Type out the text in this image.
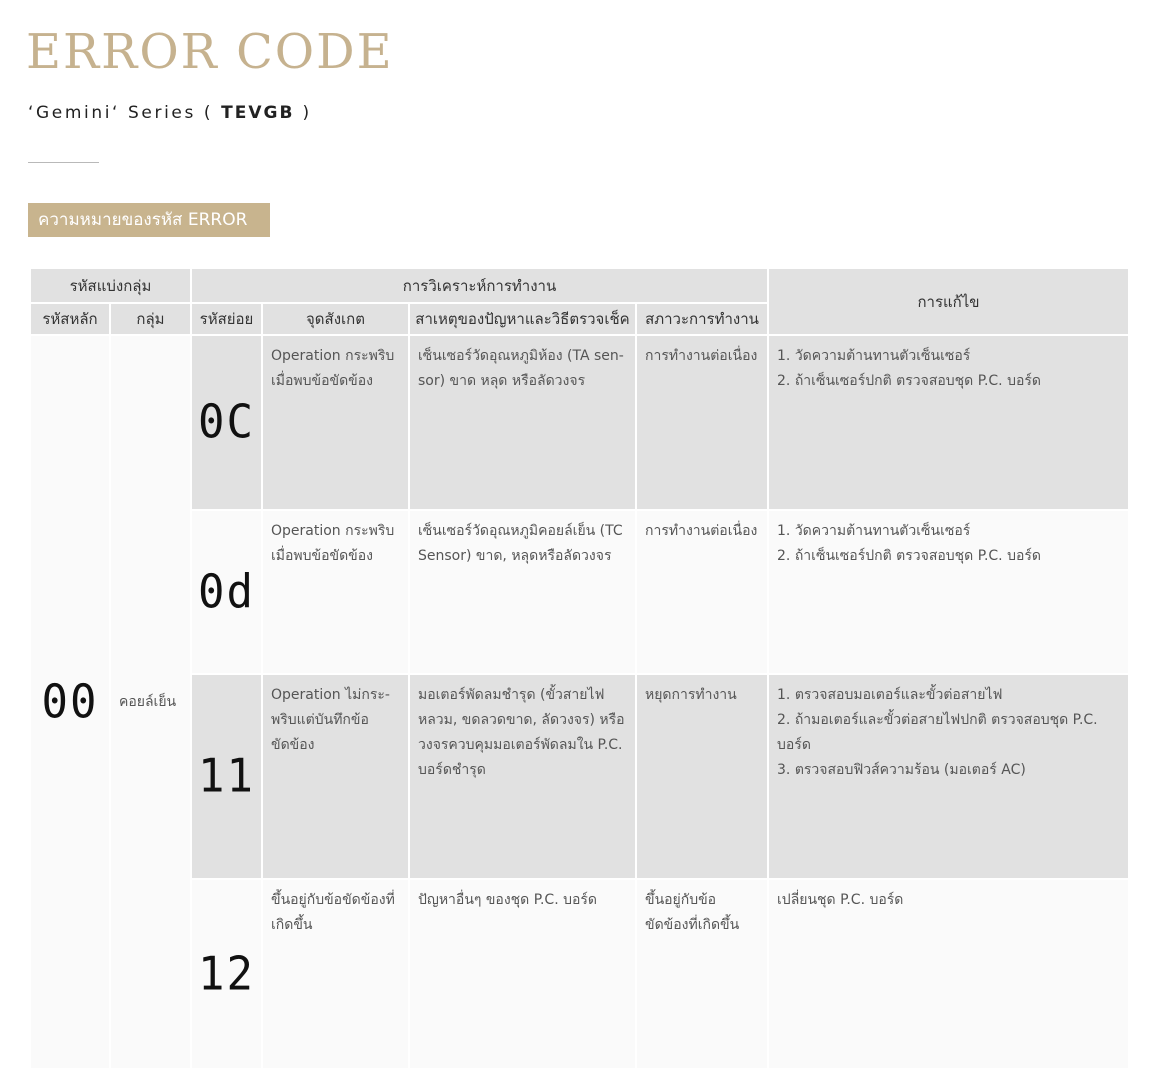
ERROR CODE
‘Gemini‘ Series ( TEVGB )
ความหมายของรหัส ERROR
รหัสแบ่งกลุ่ม		การวิเคราะห์การทำงาน				การแก้ไข
รหัสหลัก	กลุ่ม	รหัสย่อย	จุดสังเกต	สาเหตุของปัญหาและวิธีตรวจเช็ค	สภาวะการทำงาน	
00	คอยล์เย็น	0C	Operation กระพริบ เมื่อพบข้อขัดข้อง	เซ็นเซอร์วัดอุณหภูมิห้อง (TA sen-sor) ขาด หลุด หรือลัดวงจร	การทำงานต่อเนื่อง	1. วัดความต้านทานตัวเซ็นเซอร์

2. ถ้าเซ็นเซอร์ปกติ ตรวจสอบชุด P.C. บอร์ด

		0d	Operation กระพริบ เมื่อพบข้อขัดข้อง	เซ็นเซอร์วัดอุณหภูมิคอยล์เย็น (TC Sensor) ขาด, หลุดหรือลัดวงจร	การทำงานต่อเนื่อง	1. วัดความต้านทานตัวเซ็นเซอร์

2. ถ้าเซ็นเซอร์ปกติ ตรวจสอบชุด P.C. บอร์ด

		11	Operation ไม่กระ-พริบแต่บันทึกข้อขัดข้อง	มอเตอร์พัดลมชำรุด (ขั้วสายไฟหลวม, ขดลวดขาด, ลัดวงจร) หรือวงจรควบคุมมอเตอร์พัดลมใน P.C. บอร์ดชำรุด	หยุดการทำงาน	1. ตรวจสอบมอเตอร์และขั้วต่อสายไฟ

2. ถ้ามอเตอร์และขั้วต่อสายไฟปกติ ตรวจสอบชุด P.C. บอร์ด

3. ตรวจสอบฟิวส์ความร้อน (มอเตอร์ AC)

		12	ขึ้นอยู่กับข้อขัดข้องที่เกิดขึ้น	ปัญหาอื่นๆ ของชุด P.C. บอร์ด	ขึ้นอยู่กับข้อขัดข้องที่เกิดขึ้น	เปลี่ยนชุด P.C. บอร์ด
